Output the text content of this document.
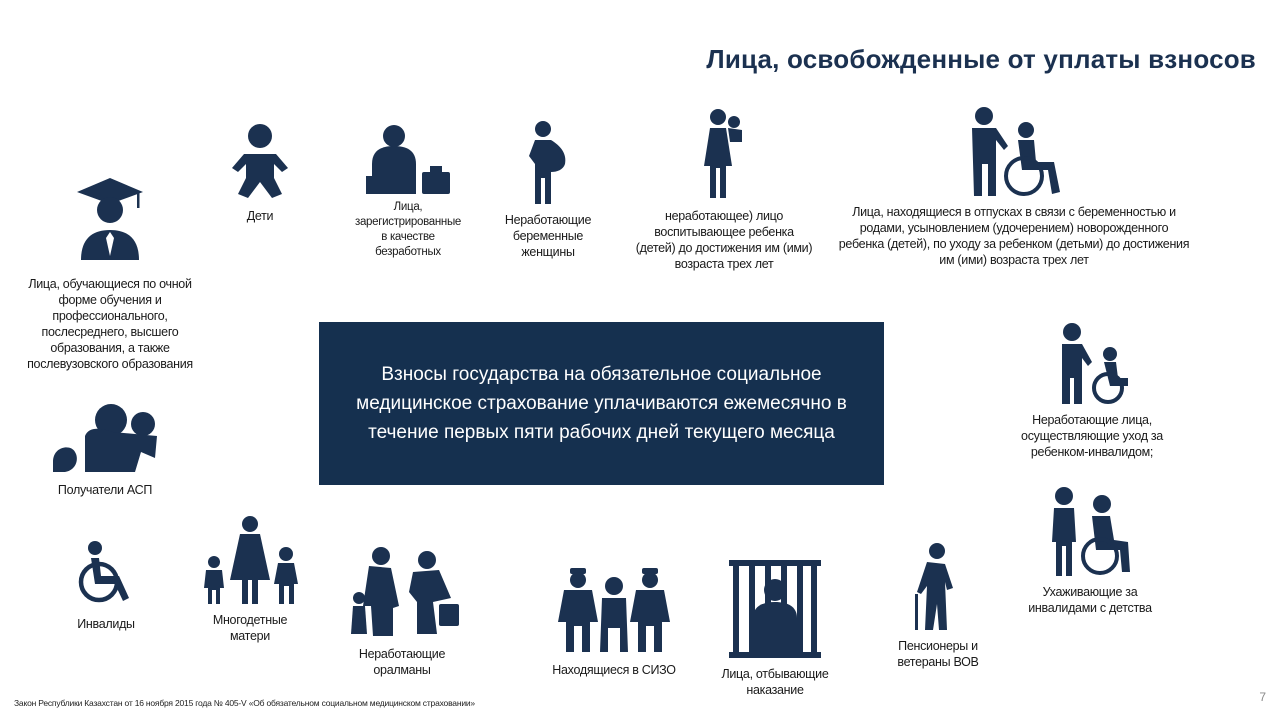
Лица, освобожденные от уплаты взносов
Взносы государства на обязательное социальное медицинское страхование уплачиваются ежемесячно в течение первых пяти рабочих дней текущего месяца
Лица, обучающиеся по очной форме обучения и профессионального, послесреднего, высшего образования, а также послевузовского образования
Дети
Лица, зарегистрированные в качестве безработных
Неработающие беременные женщины
неработающее) лицо воспитывающее ребенка (детей) до достижения им (ими) возраста трех лет
Лица, находящиеся в отпусках в связи с беременностью и родами, усыновлением (удочерением) новорожденного ребенка (детей), по уходу за ребенком (детьми) до достижения им (ими) возраста трех лет
Неработающие лица, осуществляющие уход за ребенком-инвалидом;
Получатели АСП
Инвалиды	Многодетные матери
Неработающие оралманы	Находящиеся в СИЗО	Лица, отбывающие наказание
Пенсионеры и ветераны ВОВ
Ухаживающие за инвалидами с детства
Закон Республики Казахстан от 16 ноября 2015 года № 405-V «Об обязательном социальном медицинском страховании»	7
